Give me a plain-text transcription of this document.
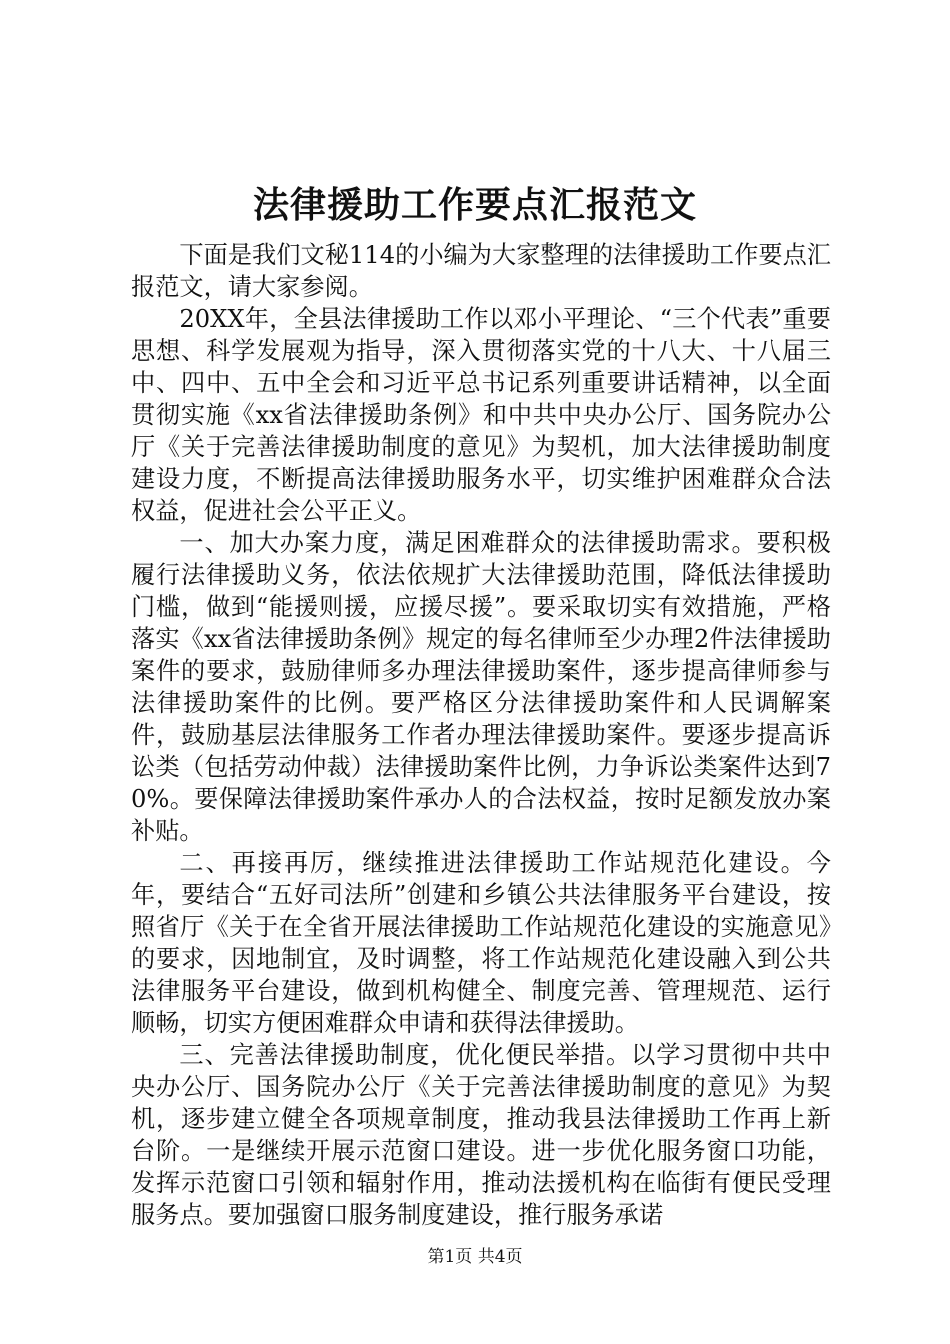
法律援助工作要点汇报范文

下面是我们文秘114的小编为大家整理的法律援助工作要点汇报范文，请大家参阅。

20XX年，全县法律援助工作以邓小平理论、“三个代表”重要思想、科学发展观为指导，深入贯彻落实党的十八大、十八届三中、四中、五中全会和习近平总书记系列重要讲话精神，以全面贯彻实施《xx省法律援助条例》和中共中央办公厅、国务院办公厅《关于完善法律援助制度的意见》为契机，加大法律援助制度建设力度，不断提高法律援助服务水平，切实维护困难群众合法权益，促进社会公平正义。

一、加大办案力度，满足困难群众的法律援助需求。要积极履行法律援助义务，依法依规扩大法律援助范围，降低法律援助门槛，做到“能援则援，应援尽援”。要采取切实有效措施，严格落实《xx省法律援助条例》规定的每名律师至少办理2件法律援助案件的要求，鼓励律师多办理法律援助案件，逐步提高律师参与法律援助案件的比例。要严格区分法律援助案件和人民调解案件，鼓励基层法律服务工作者办理法律援助案件。要逐步提高诉讼类（包括劳动仲裁）法律援助案件比例，力争诉讼类案件达到70%。要保障法律援助案件承办人的合法权益，按时足额发放办案补贴。

二、再接再厉，继续推进法律援助工作站规范化建设。今年，要结合“五好司法所”创建和乡镇公共法律服务平台建设，按照省厅《关于在全省开展法律援助工作站规范化建设的实施意见》的要求，因地制宜，及时调整，将工作站规范化建设融入到公共法律服务平台建设，做到机构健全、制度完善、管理规范、运行顺畅，切实方便困难群众申请和获得法律援助。

三、完善法律援助制度，优化便民举措。以学习贯彻中共中央办公厅、国务院办公厅《关于完善法律援助制度的意见》为契机，逐步建立健全各项规章制度，推动我县法律援助工作再上新台阶。一是继续开展示范窗口建设。进一步优化服务窗口功能，发挥示范窗口引领和辐射作用，推动法援机构在临街有便民受理服务点。要加强窗口服务制度建设，推行服务承诺

第1页 共4页
